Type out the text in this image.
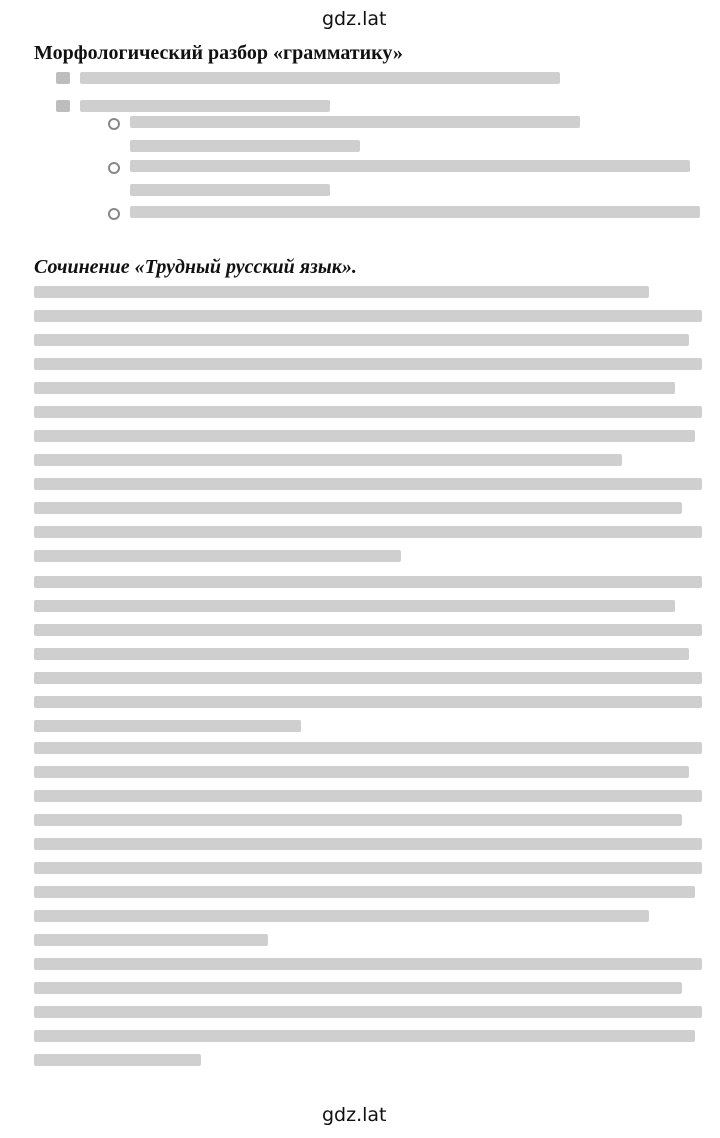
gdz.lat
Морфологический разбор «грамматику»
Сочинение «Трудный русский язык».
gdz.lat
